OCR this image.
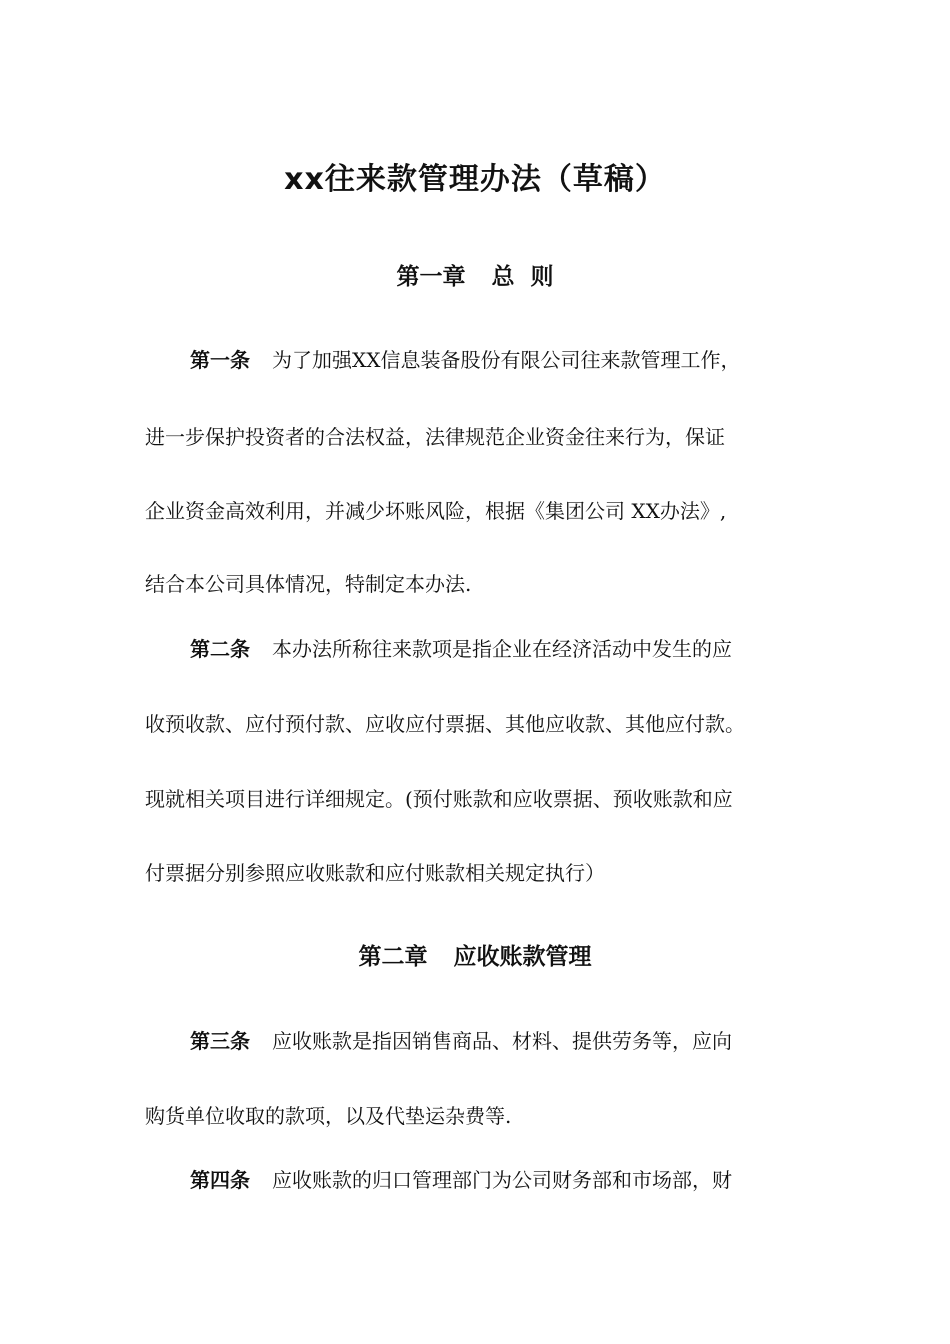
xx往来款管理办法（草稿）
第一章 总  则

第一条 为了加强XX信息装备股份有限公司往来款管理工作，

进一步保护投资者的合法权益，法律规范企业资金往来行为，保证

企业资金高效利用，并减少坏账风险，根据《集团公司 XX办法》,

结合本公司具体情况，特制定本办法.

第二条 本办法所称往来款项是指企业在经济活动中发生的应

收预收款、应付预付款、应收应付票据、其他应收款、其他应付款。

现就相关项目进行详细规定。(预付账款和应收票据、预收账款和应

付票据分别参照应收账款和应付账款相关规定执行）

第二章 应收账款管理

第三条 应收账款是指因销售商品、材料、提供劳务等，应向

购货单位收取的款项，以及代垫运杂费等.

第四条 应收账款的归口管理部门为公司财务部和市场部，财
